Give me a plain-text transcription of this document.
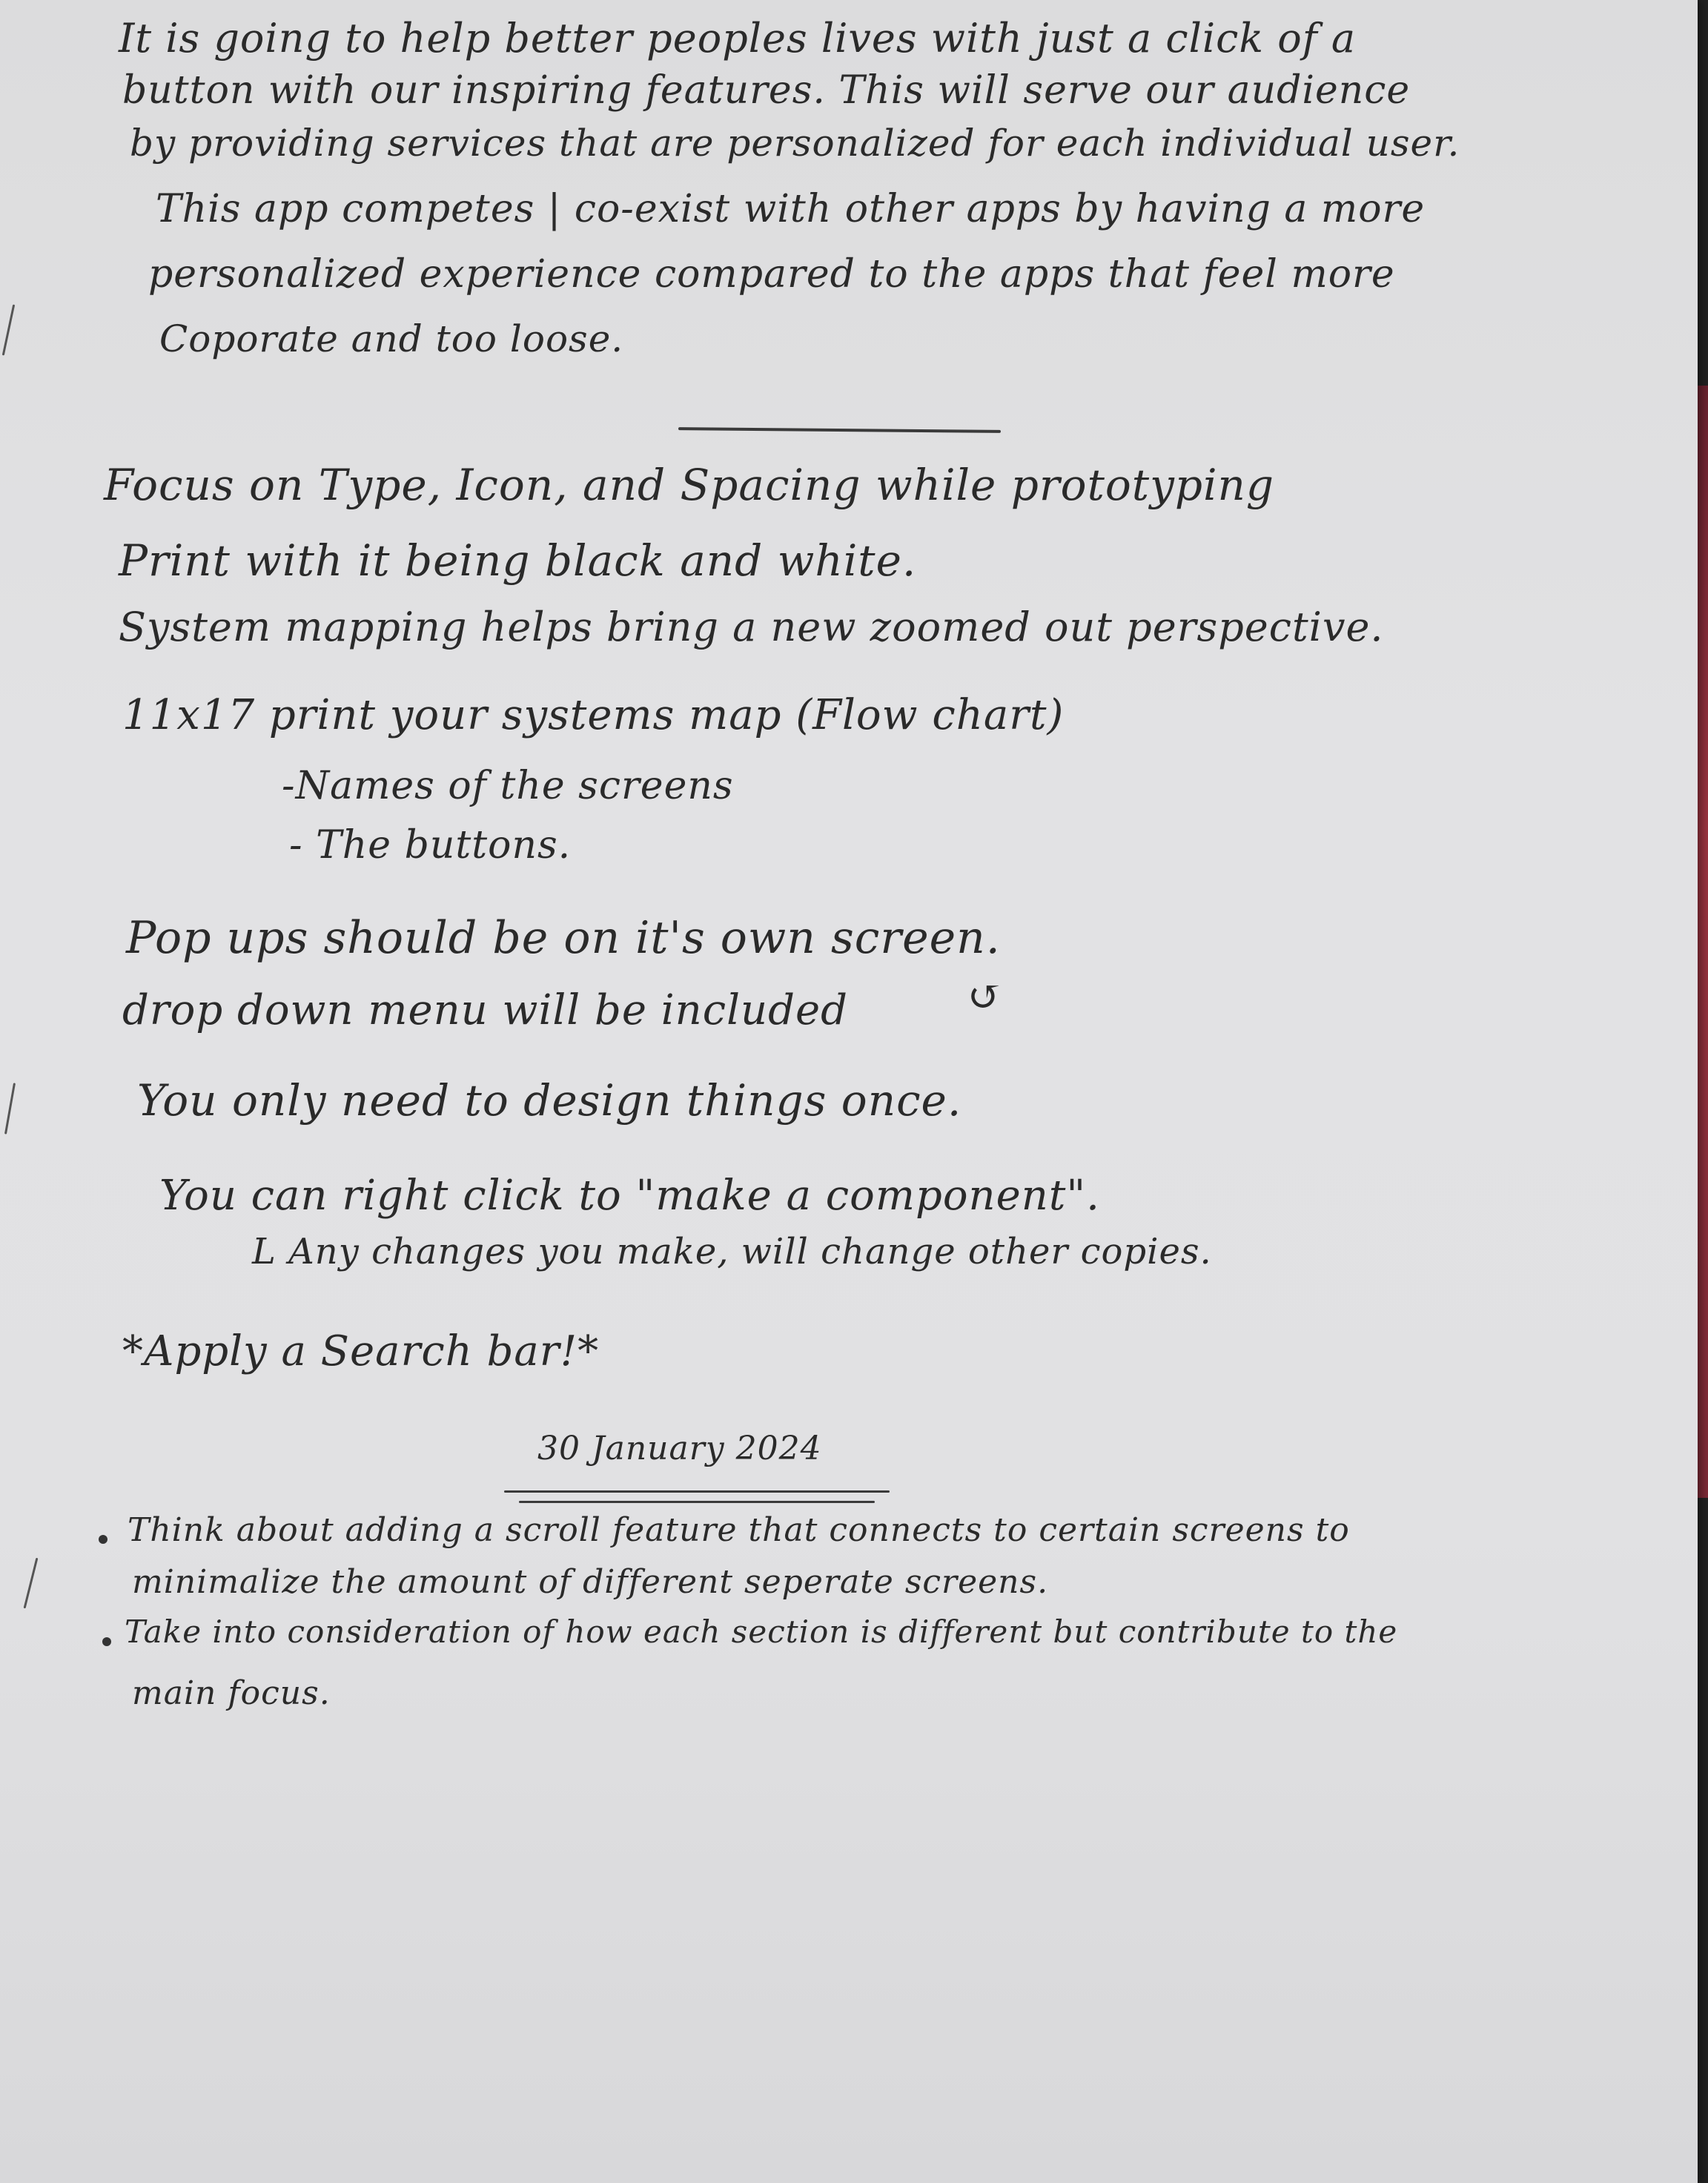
It is going to help better peoples lives with just a click of a
button with our inspiring features. This will serve our audience
by providing services that are personalized for each individual user.
This app competes | co-exist with other apps by having a more
personalized experience compared to the apps that feel more
Coporate and too loose.
Focus on Type, Icon, and Spacing while prototyping
Print with it being black and white.
System mapping helps bring a new zoomed out perspective.
11x17 print your systems map (Flow chart)
-Names of the screens
- The buttons.
Pop ups should be on it's own screen.
drop down menu will be included	↺
You only need to design things once.
You can right click to "make a component".
L Any changes you make, will change other copies.
*Apply a Search bar!*
30 January 2024
Think about adding a scroll feature that connects to certain screens to
minimalize the amount of different seperate screens.
Take into consideration of how each section is different but contribute to the
main focus.
